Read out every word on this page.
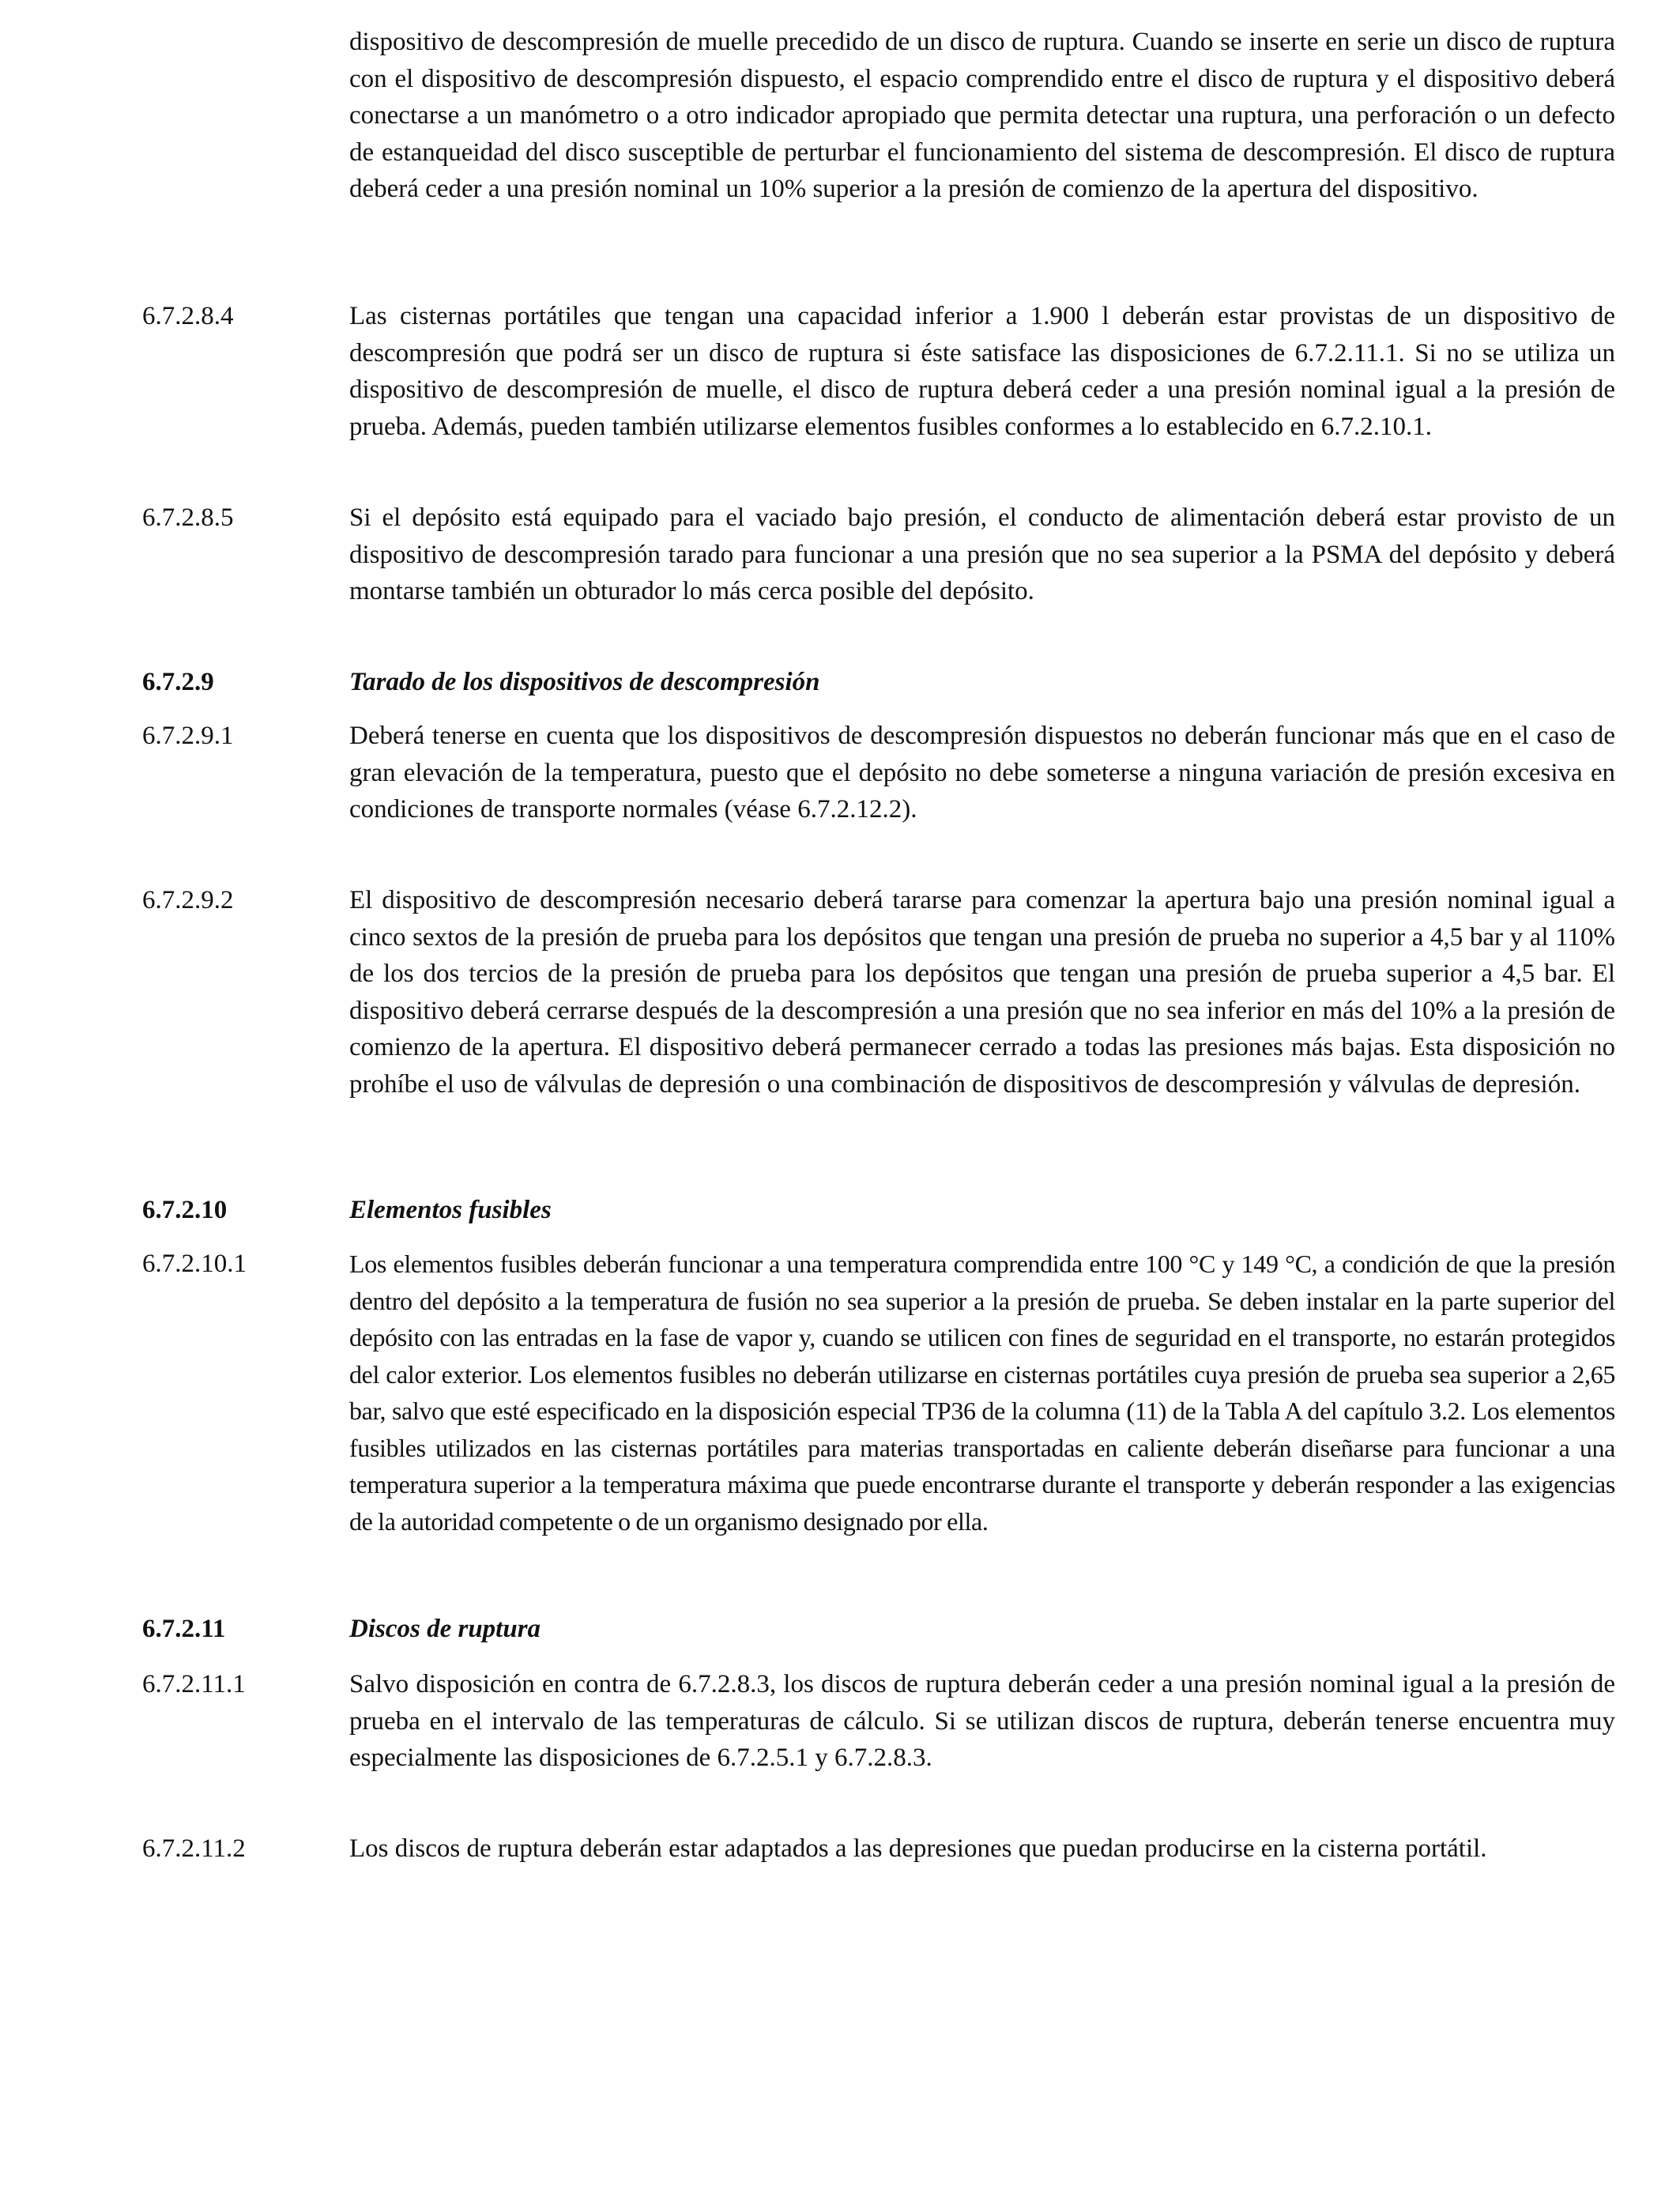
dispositivo de descompresión de muelle precedido de un disco de ruptura. Cuando se inserte en serie un disco de ruptura con el dispositivo de descompresión dispuesto, el espacio comprendido entre el disco de ruptura y el dispositivo deberá conectarse a un manómetro o a otro indicador apropiado que permita detectar una ruptura, una perforación o un defecto de estanqueidad del disco susceptible de perturbar el funcionamiento del sistema de descompresión. El disco de ruptura deberá ceder a una presión nominal un 10% superior a la presión de comienzo de la apertura del dispositivo.
6.7.2.8.4	Las cisternas portátiles que tengan una capacidad inferior a 1.900 l deberán estar provistas de un dispositivo de descompresión que podrá ser un disco de ruptura si éste satisface las disposiciones de 6.7.2.11.1. Si no se utiliza un dispositivo de descompresión de muelle, el disco de ruptura deberá ceder a una presión nominal igual a la presión de prueba. Además, pueden también utilizarse elementos fusibles conformes a lo establecido en 6.7.2.10.1.
6.7.2.8.5	Si el depósito está equipado para el vaciado bajo presión, el conducto de alimentación deberá estar provisto de un dispositivo de descompresión tarado para funcionar a una presión que no sea superior a la PSMA del depósito y deberá montarse también un obturador lo más cerca posible del depósito.
6.7.2.9	Tarado de los dispositivos de descompresión
6.7.2.9.1	Deberá tenerse en cuenta que los dispositivos de descompresión dispuestos no deberán funcionar más que en el caso de gran elevación de la temperatura, puesto que el depósito no debe someterse a ninguna variación de presión excesiva en condiciones de transporte normales (véase 6.7.2.12.2).
6.7.2.9.2	El dispositivo de descompresión necesario deberá tararse para comenzar la apertura bajo una presión nominal igual a cinco sextos de la presión de prueba para los depósitos que tengan una presión de prueba no superior a 4,5 bar y al 110% de los dos tercios de la presión de prueba para los depósitos que tengan una presión de prueba superior a 4,5 bar. El dispositivo deberá cerrarse después de la descompresión a una presión que no sea inferior en más del 10% a la presión de comienzo de la apertura. El dispositivo deberá permanecer cerrado a todas las presiones más bajas. Esta disposición no prohíbe el uso de válvulas de depresión o una combinación de dispositivos de descompresión y válvulas de depresión.
6.7.2.10	Elementos fusibles
6.7.2.10.1	Los elementos fusibles deberán funcionar a una temperatura comprendida entre 100 °C y 149 °C, a condición de que la presión dentro del depósito a la temperatura de fusión no sea superior a la presión de prueba. Se deben instalar en la parte superior del depósito con las entradas en la fase de vapor y, cuando se utilicen con fines de seguridad en el transporte, no estarán protegidos del calor exterior. Los elementos fusibles no deberán utilizarse en cisternas portátiles cuya presión de prueba sea superior a 2,65 bar, salvo que esté especificado en la disposición especial TP36 de la columna (11) de la Tabla A del capítulo 3.2. Los elementos fusibles utilizados en las cisternas portátiles para materias transportadas en caliente deberán diseñarse para funcionar a una temperatura superior a la temperatura máxima que puede encontrarse durante el transporte y deberán responder a las exigencias de la autoridad competente o de un organismo designado por ella.
6.7.2.11	Discos de ruptura
6.7.2.11.1	Salvo disposición en contra de 6.7.2.8.3, los discos de ruptura deberán ceder a una presión nominal igual a la presión de prueba en el intervalo de las temperaturas de cálculo. Si se utilizan discos de ruptura, deberán tenerse encuentra muy especialmente las disposiciones de 6.7.2.5.1 y 6.7.2.8.3.
6.7.2.11.2	Los discos de ruptura deberán estar adaptados a las depresiones que puedan producirse en la cisterna portátil.
